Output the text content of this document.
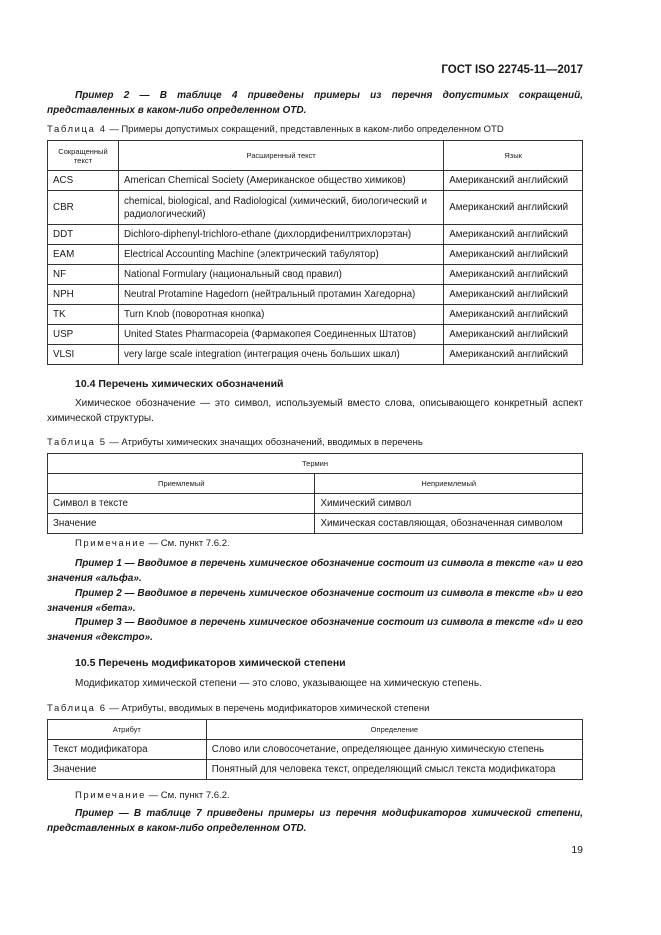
ГОСТ ISO 22745-11—2017
Пример 2 — В таблице 4 приведены примеры из перечня допустимых сокращений, представленных в каком-либо определенном OTD.
Таблица 4 — Примеры допустимых сокращений, представленных в каком-либо определенном OTD
Сокращенный текст	Расширенный текст	Язык
ACS	American Chemical Society (Американское общество химиков)	Американский английский
CBR	chemical, biological, and Radiological (химический, биологический и радиологический)	Американский английский
DDT	Dichloro-diphenyl-trichloro-ethane (дихлордифенилтрихлорэтан)	Американский английский
EAM	Electrical Accounting Machine (электрический табулятор)	Американский английский
NF	National Formulary (национальный свод правил)	Американский английский
NPH	Neutral Protamine Hagedorn (нейтральный протамин Хагедорна)	Американский английский
TK	Turn Knob (поворотная кнопка)	Американский английский
USP	United States Pharmacopeia (Фармакопея Соединенных Штатов)	Американский английский
VLSI	very large scale integration (интеграция очень больших шкал)	Американский английский
10.4 Перечень химических обозначений
Химическое обозначение — это символ, используемый вместо слова, описывающего конкретный аспект химической структуры.
Таблица 5 — Атрибуты химических значащих обозначений, вводимых в перечень
Термин	
Приемлемый	Неприемлемый
Символ в тексте	Химический символ
Значение	Химическая составляющая, обозначенная символом
Примечание — См. пункт 7.6.2.
Пример 1 — Вводимое в перечень химическое обозначение состоит из символа в тексте «а» и его значения «альфа».
Пример 2 — Вводимое в перечень химическое обозначение состоит из символа в тексте «b» и его значения «бета».
Пример 3 — Вводимое в перечень химическое обозначение состоит из символа в тексте «d» и его значения «декстро».
10.5 Перечень модификаторов химической степени
Модификатор химической степени — это слово, указывающее на химическую степень.
Таблица 6 — Атрибуты, вводимых в перечень модификаторов химической степени
Атрибут	Определение
Текст модификатора	Слово или словосочетание, определяющее данную химическую степень
Значение	Понятный для человека текст, определяющий смысл текста модификатора
Примечание — См. пункт 7.6.2.
Пример — В таблице 7 приведены примеры из перечня модификаторов химической степени, представленных в каком-либо определенном OTD.
19
